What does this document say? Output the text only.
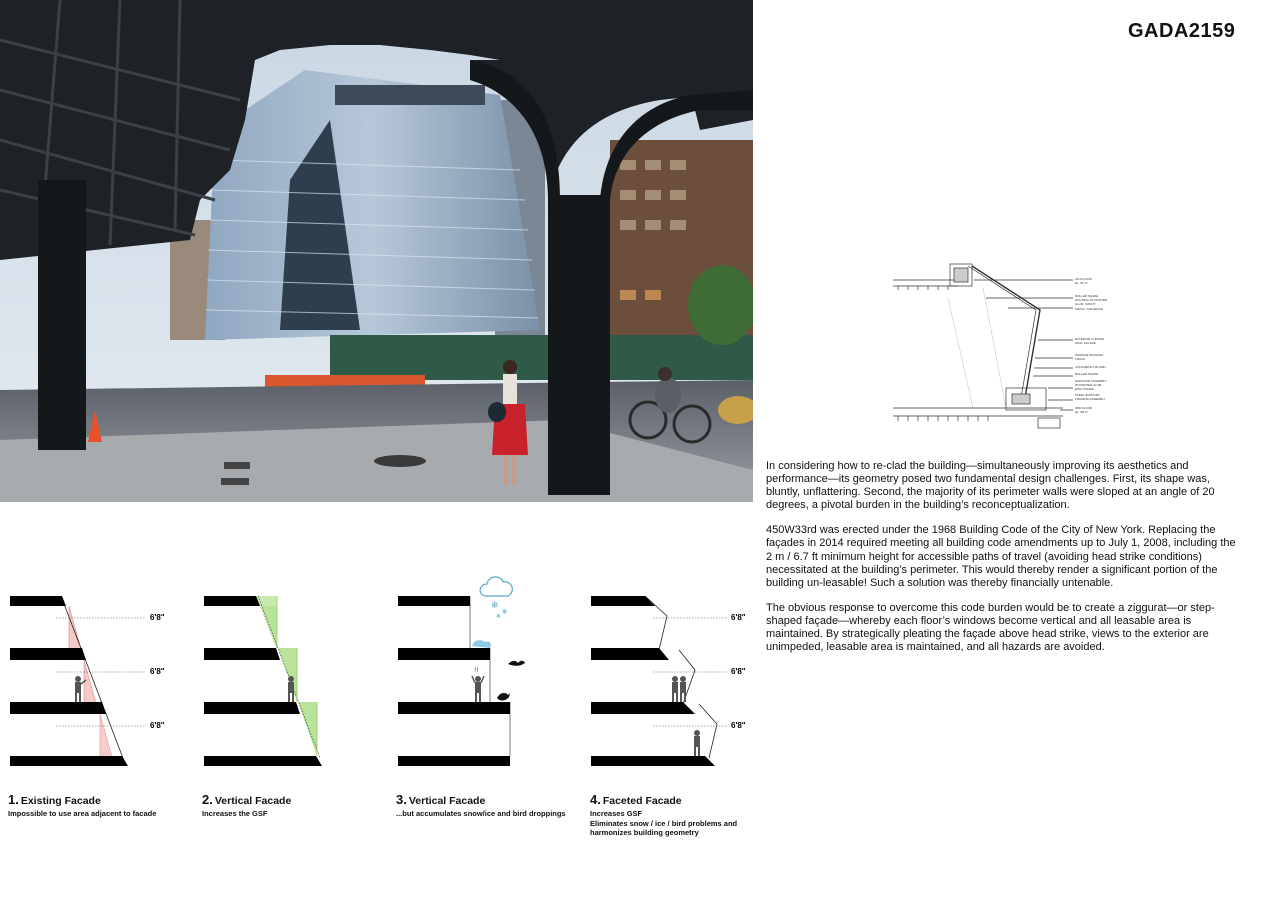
GADA2159
4TH FLOOR
EL. 81'-0"
ROLLER SHADE
HOUSING W/ PAINTED
ALUM. SOFFIT
SNOW / ICE FENCE
EXTERIOR CURTAIN
WALL FACADE
WINDOW WASHING
TRACK
CONCRETE COLUMN
ROLLER SHADE
RADIATOR ASSEMBLY
W/ PAINTED ALUM.
ENCLOSURE
STEEL SUPPORT
FRAMING ASSEMBLY
3RD FLOOR
EL. 68'-0"

In considering how to re-clad the building—simultaneously improving its aesthetics and performance—its geometry posed two fundamental design challenges. First, its shape was, bluntly, unflattering. Second, the majority of its perimeter walls were sloped at an angle of 20 degrees, a pivotal burden in the building’s reconceptualization.

450W33rd was erected under the 1968 Building Code of the City of New York. Replacing the façades in 2014 required meeting all building code amendments up to July 1, 2008, including the 2 m / 6.7 ft minimum height for accessible paths of travel (avoiding head strike conditions) necessitated at the building’s perimeter. This would thereby render a significant portion of the building un-leasable! Such a solution was thereby financially untenable.

The obvious response to overcome this code burden would be to create a ziggurat—or step-shaped façade—whereby each floor’s windows become vertical and all leasable area is maintained. By strategically pleating the façade above head strike, views to the exterior are unimpeded, leasable area is maintained, and all hazards are avoided.

6'8"
6'8"
6'8"
1. Existing Facade
Impossible to use area adjacent to facade
2. Vertical Facade
Increases the GSF
❄
❄
❄
!!
3. Vertical Facade
...but accumulates snow/ice and bird droppings
6'8"
6'8"
6'8"
4. Faceted Facade
Increases GSF
Eliminates snow / ice / bird problems and
harmonizes building geometry
